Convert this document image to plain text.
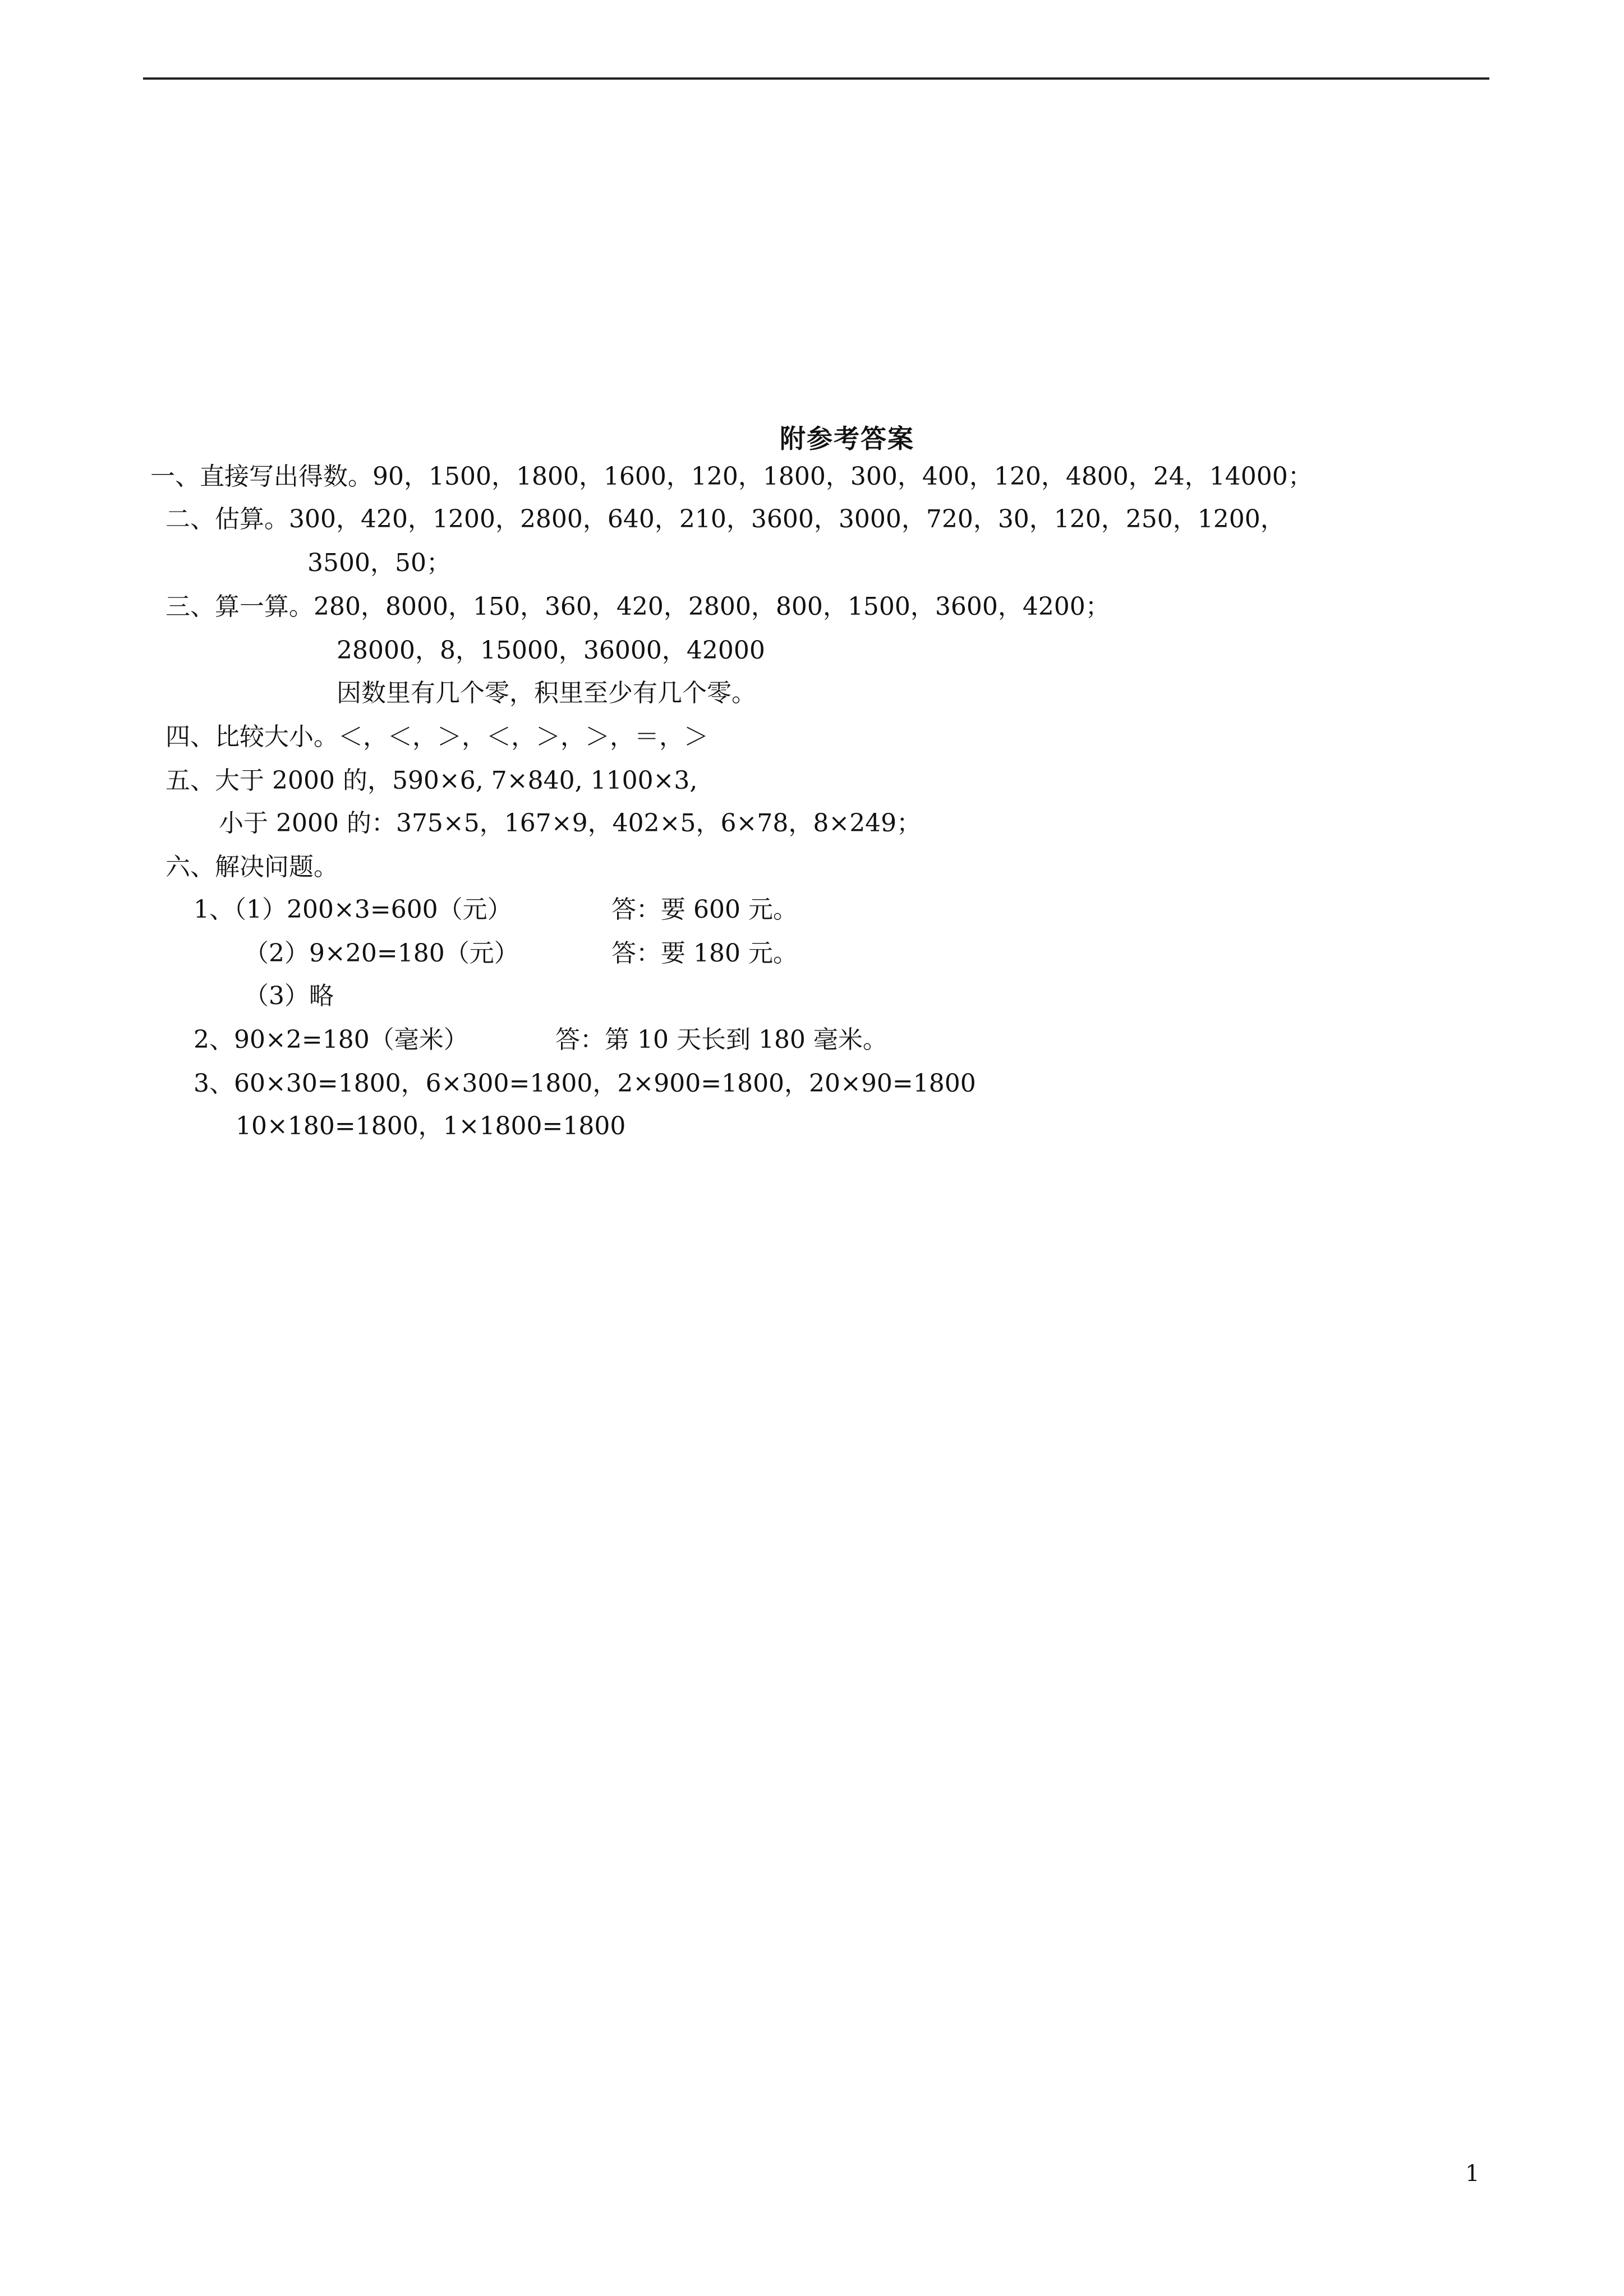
附参考答案
一、直接写出得数。90，1500，1800，1600，120，1800，300，400，120，4800，24，14000；
二、估算。300，420，1200，2800，640，210，3600，3000，720，30，120，250，1200，
3500，50；
三、算一算。280，8000，150，360，420，2800，800，1500，3600，4200；
28000，8，15000，36000，42000
因数里有几个零，积里至少有几个零。
四、比较大小。＜，＜，＞，＜，＞，＞，＝，＞
五、大于 2000 的，590×6, 7×840, 1100×3,
小于 2000 的：375×5，167×9，402×5，6×78，8×249；
六、解决问题。
1、（1）200×3=600（元）	答：要 600 元。
（2）9×20=180（元）	答：要 180 元。
（3）略
2、90×2=180（毫米）	答：第 10 天长到 180 毫米。
3、60×30=1800，6×300=1800，2×900=1800，20×90=1800
10×180=1800，1×1800=1800
1
